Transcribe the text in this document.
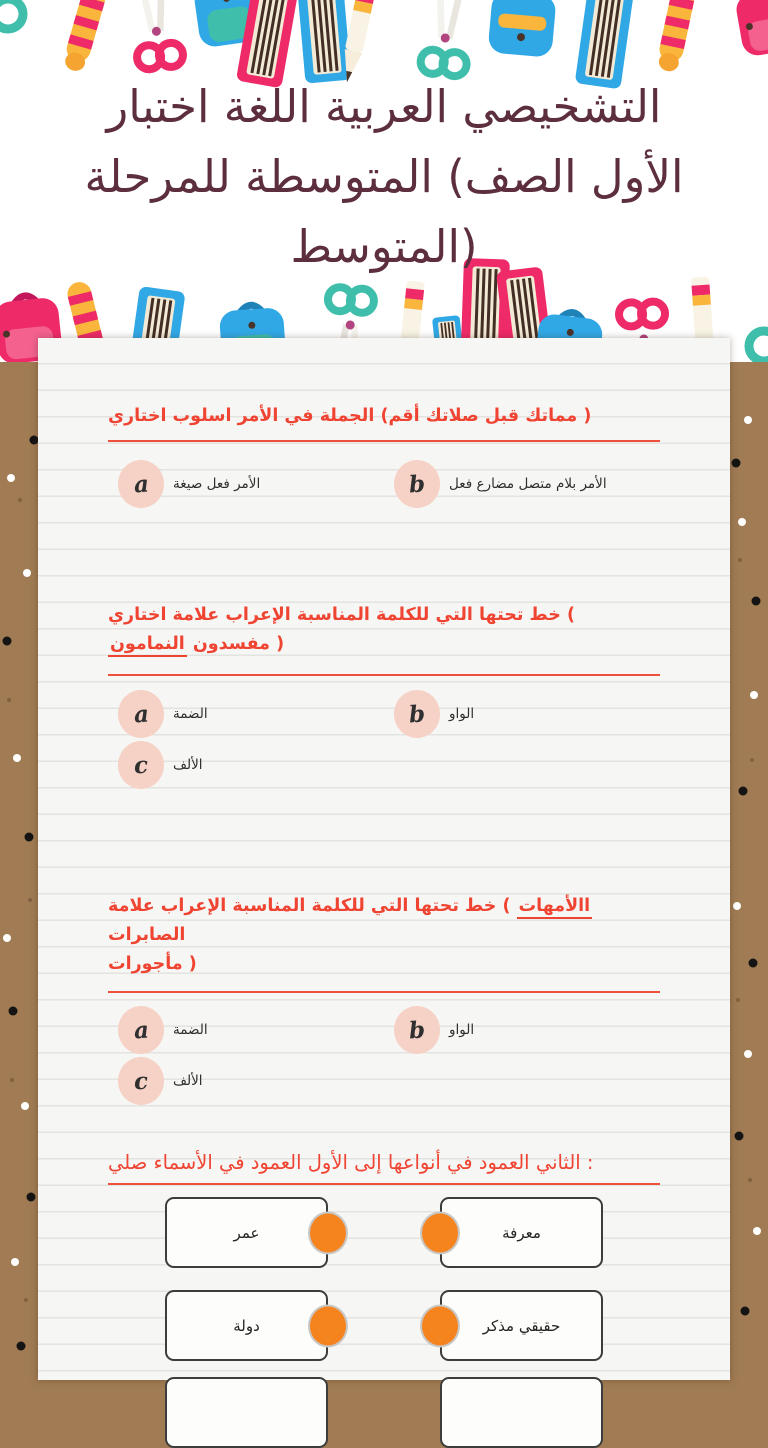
اختبار اللغة العربية التشخيصي
للمرحلة المتوسطة (الصف الأول
المتوسط)
اختاري اسلوب الأمر في الجملة (أقم صلاتك قبل مماتك )
a صيغة فعل الأمر	b فعل مضارع متصل بلام الأمر
اختاري علامة الإعراب المناسبة للكلمة التي تحتها خط (
النمامون مفسدون )
a الضمة	b الواو
c الألف
علامة الإعراب المناسبة للكلمة التي تحتها خط ( االأمهات الصابرات
مأجورات )
a الضمة	b الواو
c الألف
صلي الأسماء في العمود الأول إلى أنواعها في العمود الثاني :
عمر	معرفة
دولة	مذكر حقيقي
